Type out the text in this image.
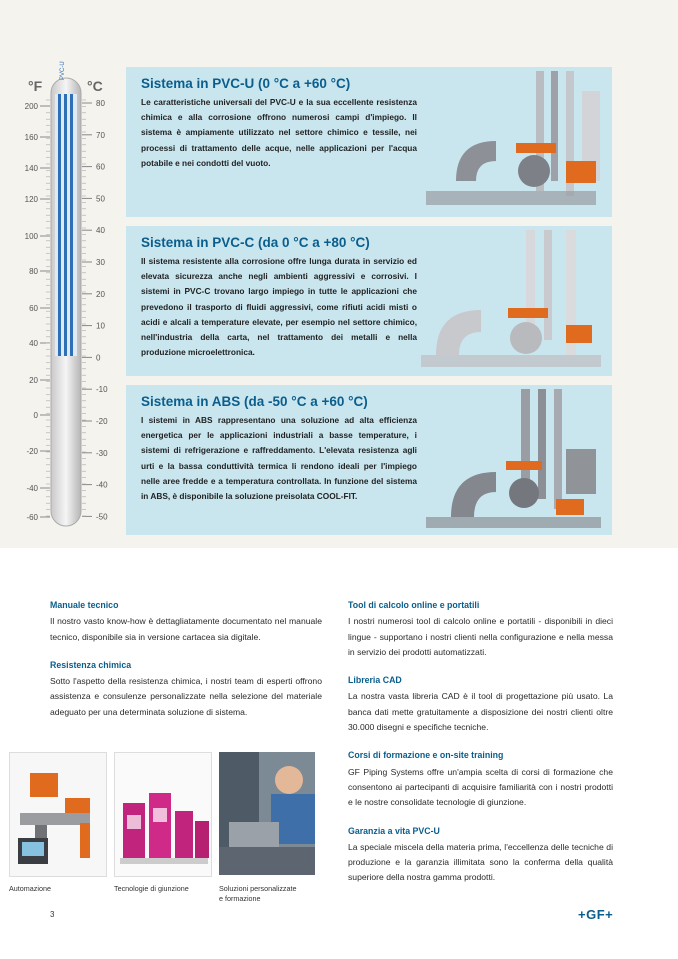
°F	°C
200
160
140
120
100
80
60
40
20
0
-20
-40
-60
80
70
60
50
40
30
20
10
0
-10
-20
-30
-40
-50
PVC-U
Sistema in PVC-U (0 °C a +60 °C)

Le caratteristiche universali del PVC-U e la sua eccellente resistenza chimica e alla corrosione offrono numerosi campi d'impiego. Il sistema è ampiamente utilizzato nel settore chimico e tessile, nei processi di trattamento delle acque, nelle applicazioni per l'acqua potabile e nei condotti del vuoto.

Sistema in PVC-C (da 0 °C a +80 °C)

Il sistema resistente alla corrosione offre lunga durata in servizio ed elevata sicurezza anche negli ambienti aggressivi e corrosivi. I sistemi in PVC-C trovano largo impiego in tutte le applicazioni che prevedono il trasporto di fluidi aggressivi, come rifiuti acidi misti o acidi e alcali a temperature elevate, per esempio nel settore chimico, nell'industria della carta, nel trattamento dei metalli e nella produzione microelettronica.

Sistema in ABS (da -50 °C a +60 °C)

I sistemi in ABS rappresentano una soluzione ad alta efficienza energetica per le applicazioni industriali a basse temperature, i sistemi di refrigerazione e raffreddamento. L'elevata resistenza agli urti e la bassa conduttività termica li rendono ideali per l'impiego nelle aree fredde e a temperatura controllata. In funzione del sistema in ABS, è disponibile la soluzione preisolata COOL-FIT.

Manuale tecnico
Il nostro vasto know-how è dettagliatamente documentato nel manuale tecnico, disponibile sia in versione cartacea sia digitale.
Resistenza chimica
Sotto l'aspetto della resistenza chimica, i nostri team di esperti offrono assistenza e consulenze personalizzate nella selezione del materiale adeguato per una determinata soluzione di sistema.
Tool di calcolo online e portatili
I nostri numerosi tool di calcolo online e portatili - disponibili in dieci lingue - supportano i nostri clienti nella configurazione e nella messa in servizio dei prodotti automatizzati.
Libreria CAD
La nostra vasta libreria CAD è il tool di progettazione più usato. La banca dati mette gratuitamente a disposizione dei nostri clienti oltre 30.000 disegni e specifiche tecniche.
Corsi di formazione e on-site training
GF Piping Systems offre un'ampia scelta di corsi di formazione che consentono ai partecipanti di acquisire familiarità con i nostri prodotti e le nostre consolidate tecnologie di giunzione.
Garanzia a vita PVC-U
La speciale miscela della materia prima, l'eccellenza delle tecniche di produzione e la garanzia illimitata sono la conferma della qualità superiore della nostra gamma prodotti.
Automazione	Tecnologie di giunzione	Soluzioni personalizzate
e formazione
3	+GF+
